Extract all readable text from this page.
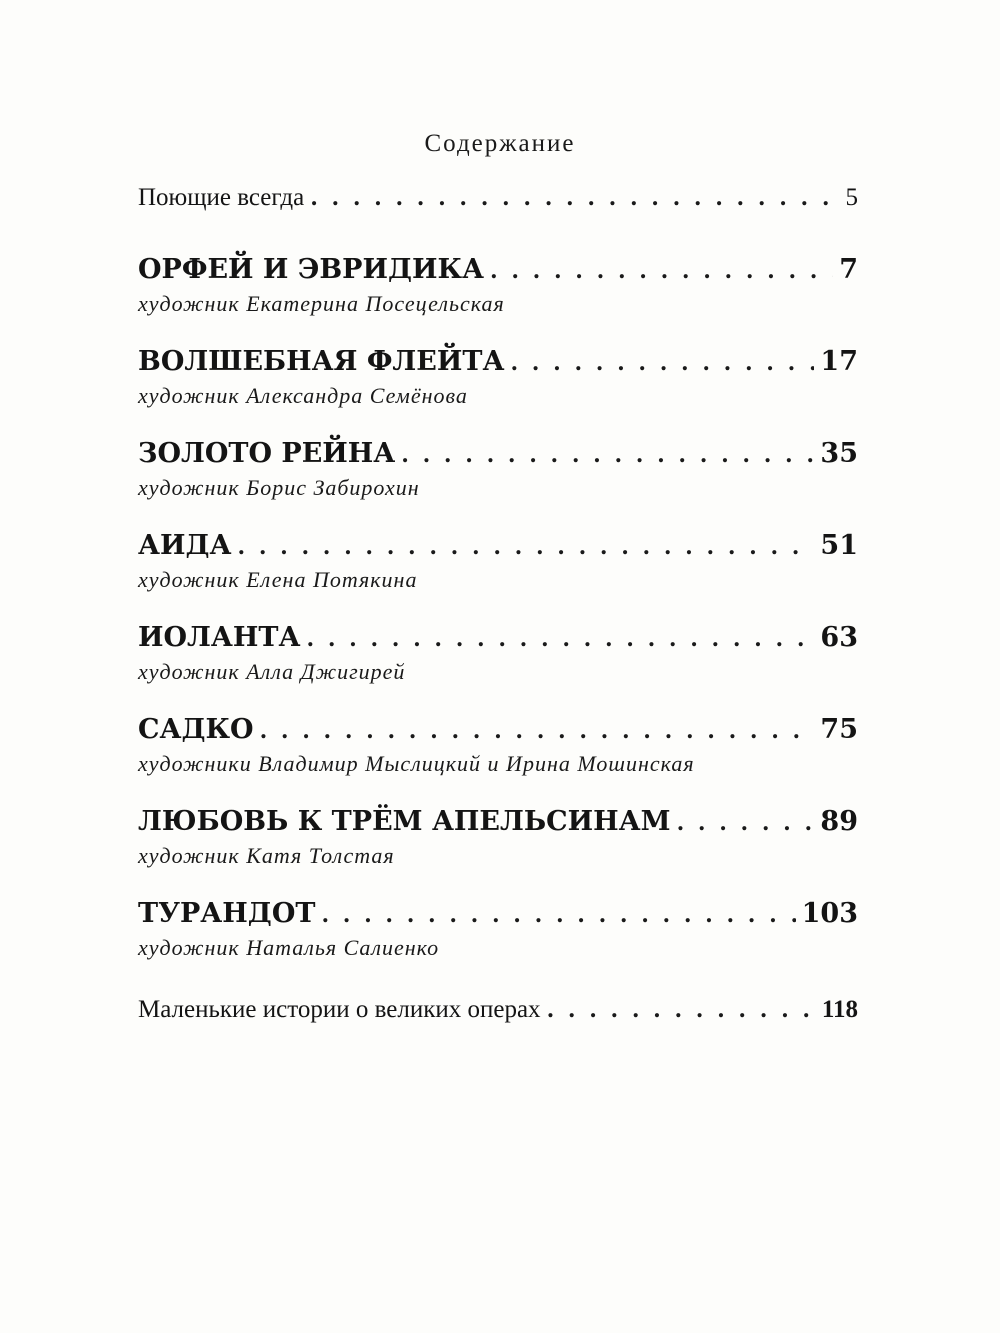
Содержание
Поющие всегда . . .	5
ОРФЕЙ И ЭВРИДИКА . . .	7
художник Екатерина Посецельская
ВОЛШЕБНАЯ ФЛЕЙТА . . .	17
художник Александра Семёнова
ЗОЛОТО РЕЙНА . . .	35
художник Борис Забирохин
АИДА . . .	51
художник Елена Потякина
ИОЛАНТА . . .	63
художник Алла Джигирей
САДКО . . .	75
художники Владимир Мыслицкий и Ирина Мошинская
ЛЮБОВЬ К ТРЁМ АПЕЛЬСИНАМ . . .	89
художник Катя Толстая
ТУРАНДОТ . . .	103
художник Наталья Салиенко
Маленькие истории о великих операх . . .	118
